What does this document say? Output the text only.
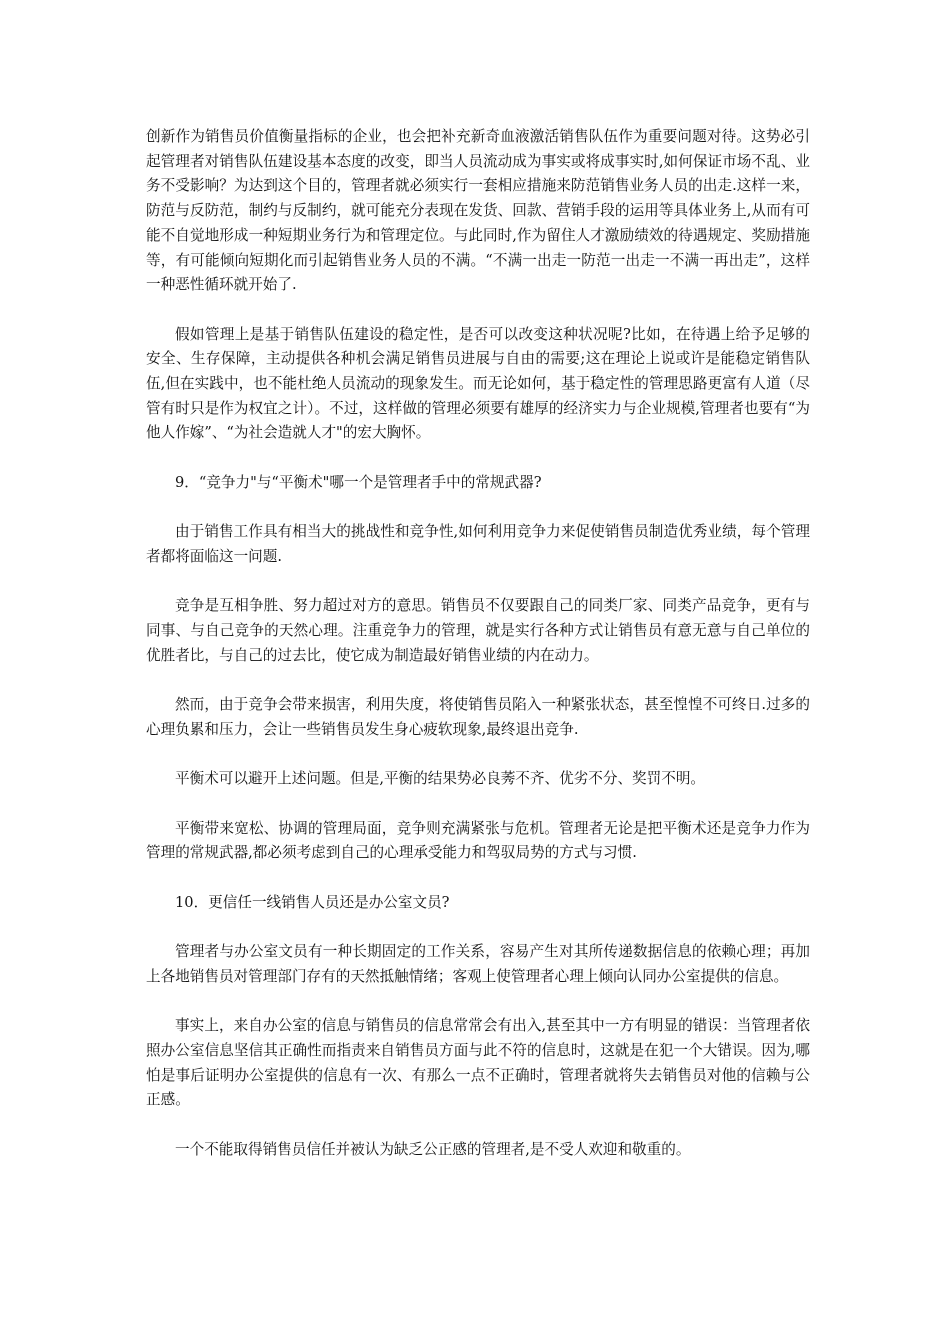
创新作为销售员价值衡量指标的企业，也会把补充新奇血液激活销售队伍作为重要问题对待。这势必引起管理者对销售队伍建设基本态度的改变，即当人员流动成为事实或将成事实时,如何保证市场不乱、业务不受影响？为达到这个目的，管理者就必须实行一套相应措施来防范销售业务人员的出走.这样一来，防范与反防范，制约与反制约，就可能充分表现在发货、回款、营销手段的运用等具体业务上,从而有可能不自觉地形成一种短期业务行为和管理定位。与此同时,作为留住人才激励绩效的待遇规定、奖励措施等，有可能倾向短期化而引起销售业务人员的不满。“不满一出走一防范一出走一不满一再出走”，这样一种恶性循环就开始了.

假如管理上是基于销售队伍建设的稳定性，是否可以改变这种状况呢?比如，在待遇上给予足够的安全、生存保障，主动提供各种机会满足销售员进展与自由的需要;这在理论上说或许是能稳定销售队伍,但在实践中，也不能杜绝人员流动的现象发生。而无论如何，基于稳定性的管理思路更富有人道（尽管有时只是作为权宜之计）。不过，这样做的管理必须要有雄厚的经济实力与企业规模,管理者也要有“为他人作嫁”、“为社会造就人才"的宏大胸怀。

9．“竞争力"与“平衡术"哪一个是管理者手中的常规武器?

由于销售工作具有相当大的挑战性和竞争性,如何利用竞争力来促使销售员制造优秀业绩，每个管理者都将面临这一问题.

竞争是互相争胜、努力超过对方的意思。销售员不仅要跟自己的同类厂家、同类产品竞争，更有与同事、与自己竞争的天然心理。注重竞争力的管理，就是实行各种方式让销售员有意无意与自己单位的优胜者比，与自己的过去比，使它成为制造最好销售业绩的内在动力。

然而，由于竞争会带来损害，利用失度，将使销售员陷入一种紧张状态，甚至惶惶不可终日.过多的心理负累和压力，会让一些销售员发生身心疲软现象,最终退出竞争.

平衡术可以避开上述问题。但是,平衡的结果势必良莠不齐、优劣不分、奖罚不明。

平衡带来宽松、协调的管理局面，竞争则充满紧张与危机。管理者无论是把平衡术还是竞争力作为管理的常规武器,都必须考虑到自己的心理承受能力和驾驭局势的方式与习惯.

10．更信任一线销售人员还是办公室文员?

管理者与办公室文员有一种长期固定的工作关系，容易产生对其所传递数据信息的依赖心理；再加上各地销售员对管理部门存有的天然抵触情绪；客观上使管理者心理上倾向认同办公室提供的信息。

事实上，来自办公室的信息与销售员的信息常常会有出入,甚至其中一方有明显的错误：当管理者依照办公室信息坚信其正确性而指责来自销售员方面与此不符的信息时，这就是在犯一个大错误。因为,哪怕是事后证明办公室提供的信息有一次、有那么一点不正确时，管理者就将失去销售员对他的信赖与公正感。

一个不能取得销售员信任并被认为缺乏公正感的管理者,是不受人欢迎和敬重的。
